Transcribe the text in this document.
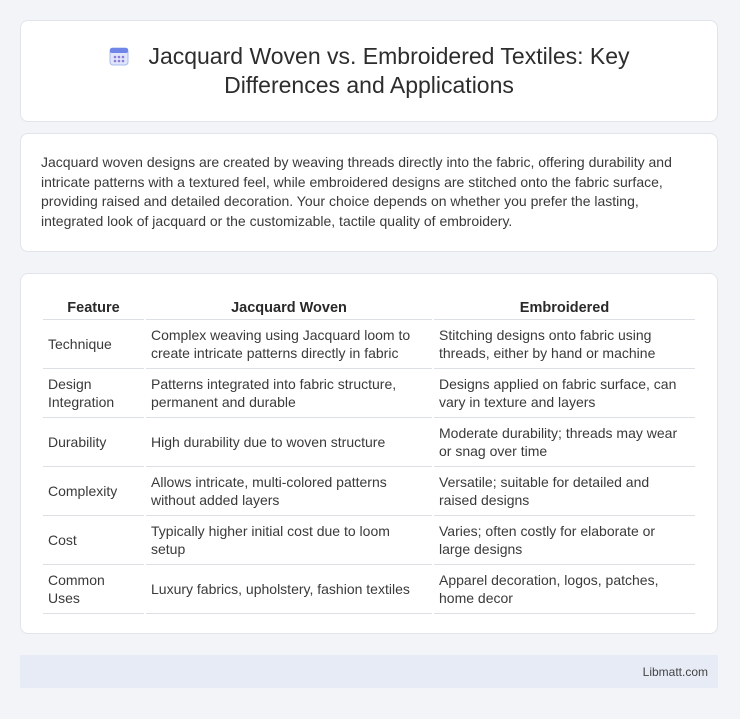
Jacquard Woven vs. Embroidered Textiles: Key Differences and Applications

Jacquard woven designs are created by weaving threads directly into the fabric, offering durability and intricate patterns with a textured feel, while embroidered designs are stitched onto the fabric surface, providing raised and detailed decoration. Your choice depends on whether you prefer the lasting, integrated look of jacquard or the customizable, tactile quality of embroidery.

Feature	Jacquard Woven	Embroidered
Technique	Complex weaving using Jacquard loom to create intricate patterns directly in fabric	Stitching designs onto fabric using threads, either by hand or machine
Design Integration	Patterns integrated into fabric structure, permanent and durable	Designs applied on fabric surface, can vary in texture and layers
Durability	High durability due to woven structure	Moderate durability; threads may wear or snag over time
Complexity	Allows intricate, multi-colored patterns without added layers	Versatile; suitable for detailed and raised designs
Cost	Typically higher initial cost due to loom setup	Varies; often costly for elaborate or large designs
Common Uses	Luxury fabrics, upholstery, fashion textiles	Apparel decoration, logos, patches, home decor
Libmatt.com
